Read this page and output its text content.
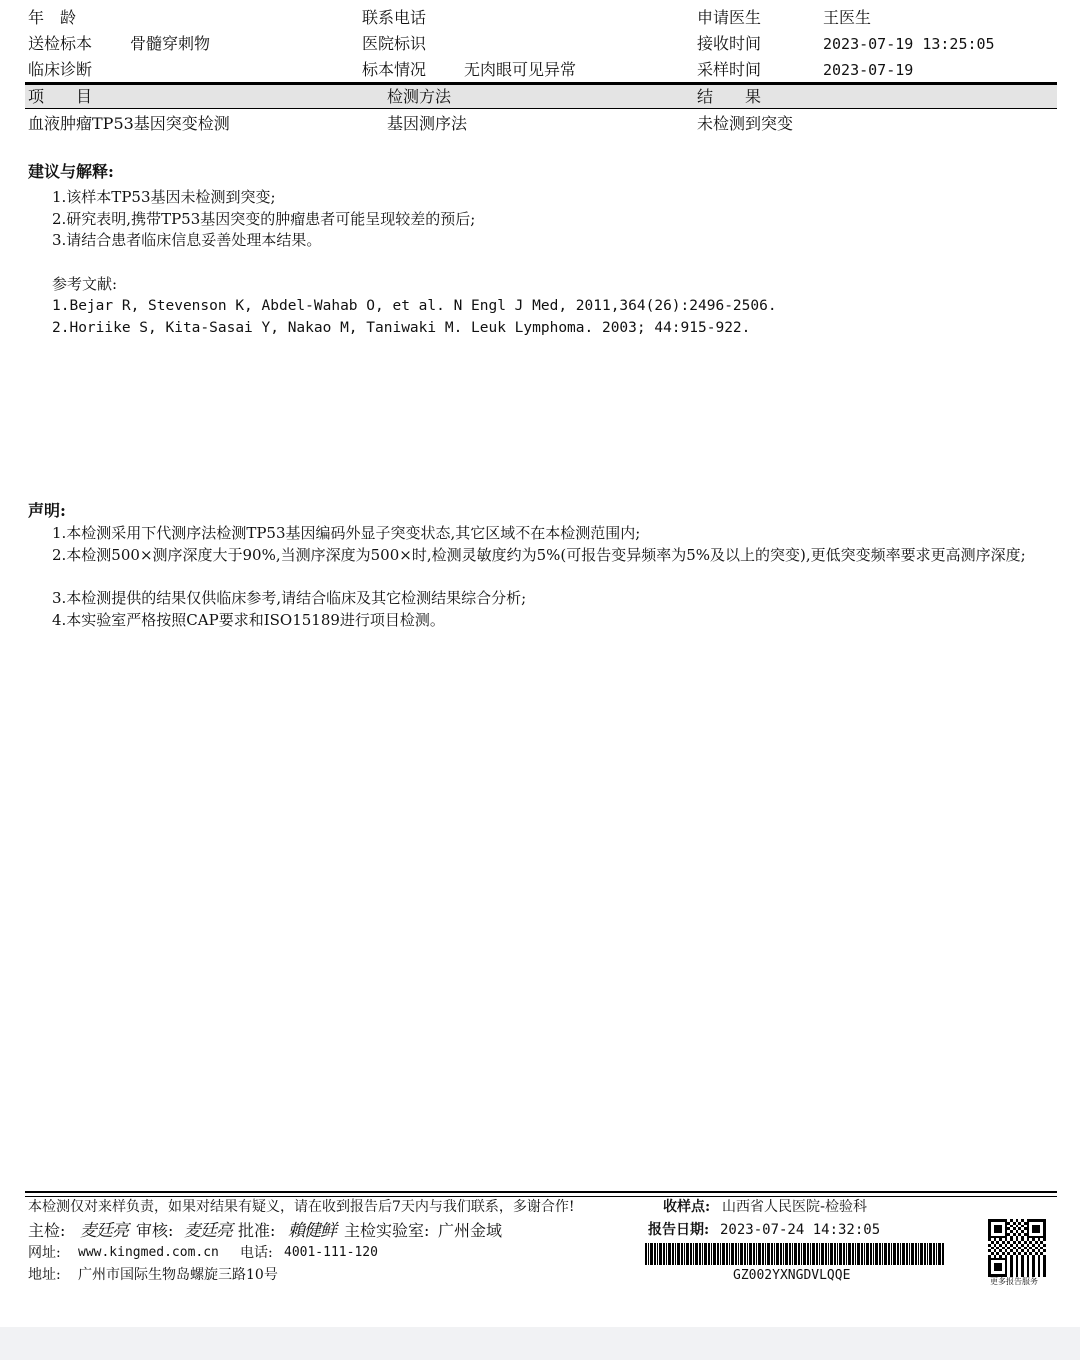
年　龄	联系电话	申请医生	王医生
送检标本 骨髓穿刺物	医院标识	接收时间	2023-07-19 13:25:05
临床诊断	标本情况 无肉眼可见异常	采样时间	2023-07-19
项　　目	检测方法	结　　果
血液肿瘤TP53基因突变检测	基因测序法	未检测到突变
建议与解释:
1.该样本TP53基因未检测到突变;
2.研究表明,携带TP53基因突变的肿瘤患者可能呈现较差的预后;
3.请结合患者临床信息妥善处理本结果。
参考文献:
1.Bejar R, Stevenson K, Abdel-Wahab O, et al. N Engl J Med, 2011,364(26):2496-2506.
2.Horiike S, Kita-Sasai Y, Nakao M, Taniwaki M. Leuk Lymphoma. 2003; 44:915-922.
声明:
1.本检测采用下代测序法检测TP53基因编码外显子突变状态,其它区域不在本检测范围内;
2.本检测500×测序深度大于90%,当测序深度为500×时,检测灵敏度约为5%(可报告变异频率为5%及以上的突变),更低突变频率要求更高测序深度;
3.本检测提供的结果仅供临床参考,请结合临床及其它检测结果综合分析;
4.本实验室严格按照CAP要求和ISO15189进行项目检测。
本检测仅对来样负责，如果对结果有疑义，请在收到报告后7天内与我们联系，多谢合作!	收样点: 山西省人民医院-检验科
主检: 麦廷亮 审核: 麦廷亮 批准: 賴健鲜 主检实验室: 广州金域	报告日期: 2023-07-24 14:32:05
网址: www.kingmed.com.cn 电话: 4001-111-120
地址: 广州市国际生物岛螺旋三路10号	GZ002YXNGDVLQQE	更多报告服务
